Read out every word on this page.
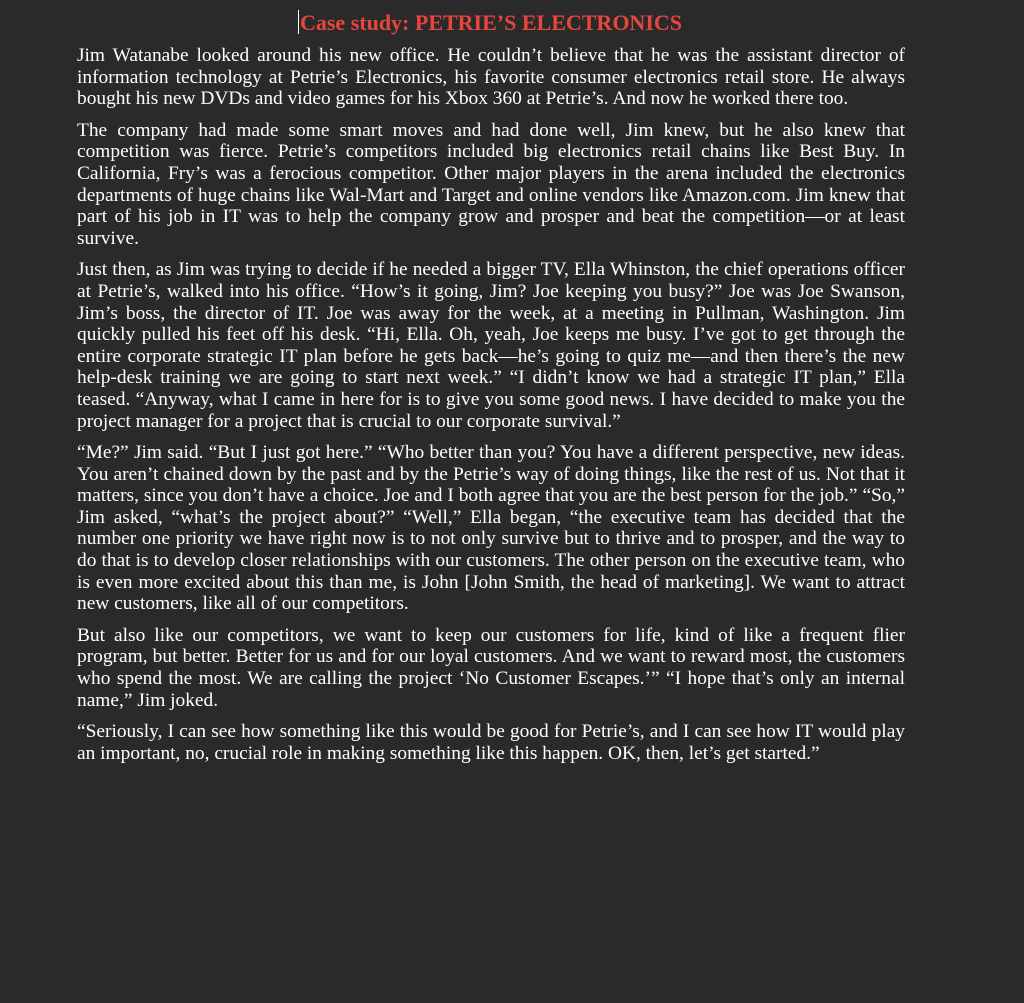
Case study: PETRIE’S ELECTRONICS

Jim Watanabe looked around his new office. He couldn’t believe that he was the assistant director of information technology at Petrie’s Electronics, his favorite consumer electronics retail store. He always bought his new DVDs and video games for his Xbox 360 at Petrie’s. And now he worked there too.

The company had made some smart moves and had done well, Jim knew, but he also knew that competition was fierce. Petrie’s competitors included big electronics retail chains like Best Buy. In California, Fry’s was a ferocious competitor. Other major players in the arena included the electronics departments of huge chains like Wal-Mart and Target and online vendors like Amazon.com. Jim knew that part of his job in IT was to help the company grow and prosper and beat the competition—or at least survive.

Just then, as Jim was trying to decide if he needed a bigger TV, Ella Whinston, the chief operations officer at Petrie’s, walked into his office. “How’s it going, Jim? Joe keeping you busy?” Joe was Joe Swanson, Jim’s boss, the director of IT. Joe was away for the week, at a meeting in Pullman, Washington. Jim quickly pulled his feet off his desk. “Hi, Ella. Oh, yeah, Joe keeps me busy. I’ve got to get through the entire corporate strategic IT plan before he gets back—he’s going to quiz me—and then there’s the new help-desk training we are going to start next week.” “I didn’t know we had a strategic IT plan,” Ella teased. “Anyway, what I came in here for is to give you some good news. I have decided to make you the project manager for a project that is crucial to our corporate survival.”

“Me?” Jim said. “But I just got here.” “Who better than you? You have a different perspective, new ideas. You aren’t chained down by the past and by the Petrie’s way of doing things, like the rest of us. Not that it matters, since you don’t have a choice. Joe and I both agree that you are the best person for the job.” “So,” Jim asked, “what’s the project about?” “Well,” Ella began, “the executive team has decided that the number one priority we have right now is to not only survive but to thrive and to prosper, and the way to do that is to develop closer relationships with our customers. The other person on the executive team, who is even more excited about this than me, is John [John Smith, the head of marketing]. We want to attract new customers, like all of our competitors.

But also like our competitors, we want to keep our customers for life, kind of like a frequent flier program, but better. Better for us and for our loyal customers. And we want to reward most, the customers who spend the most. We are calling the project ‘No Customer Escapes.’” “I hope that’s only an internal name,” Jim joked.

“Seriously, I can see how something like this would be good for Petrie’s, and I can see how IT would play an important, no, crucial role in making something like this happen. OK, then, let’s get started.”
